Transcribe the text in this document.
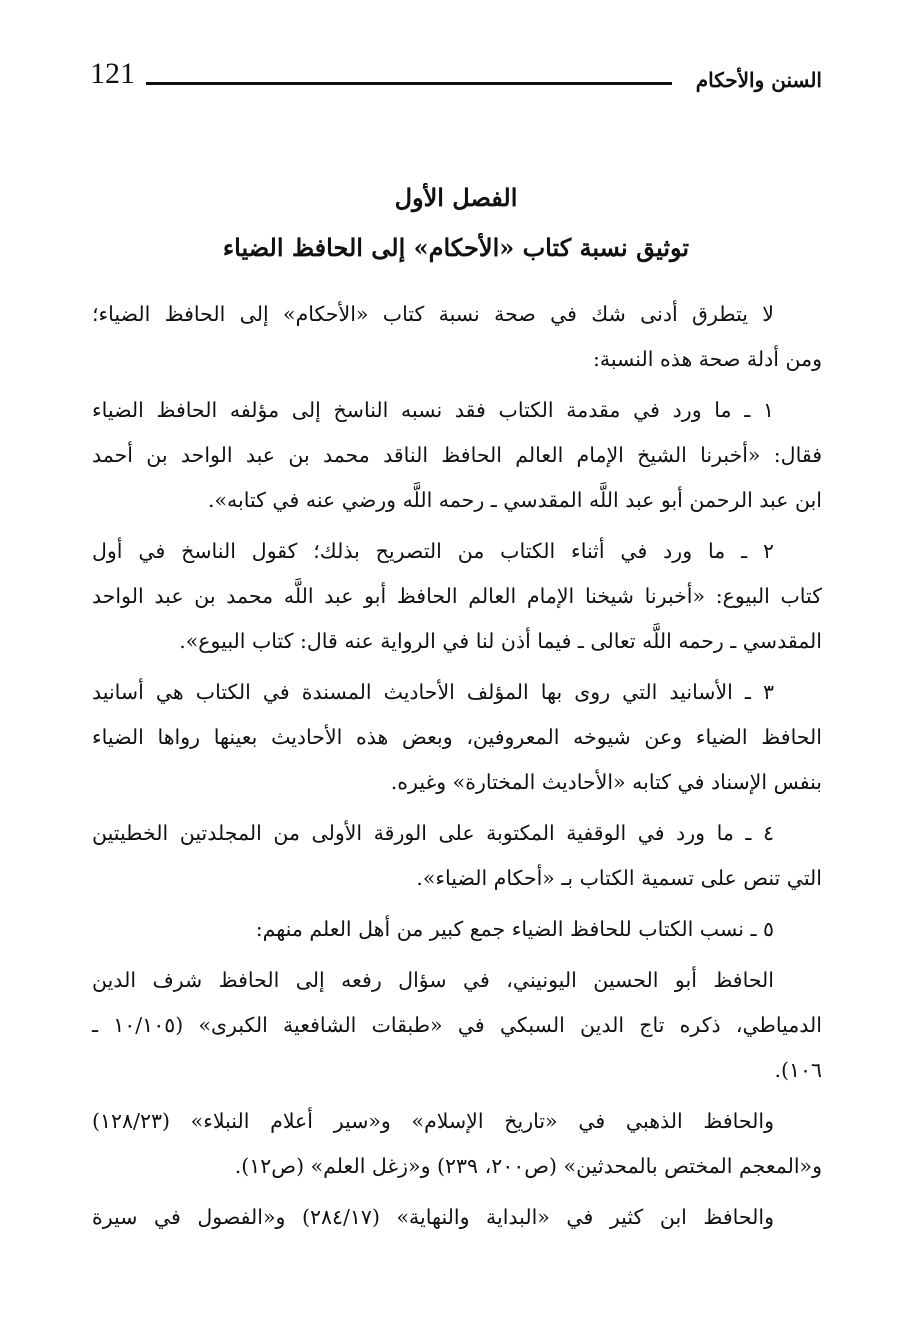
121	السنن والأحكام
الفصل الأول
توثيق نسبة كتاب «الأحكام» إلى الحافظ الضياء
لا يتطرق أدنى شك في صحة نسبة كتاب «الأحكام» إلى الحافظ الضياء؛
ومن أدلة صحة هذه النسبة:
١ ـ ما ورد في مقدمة الكتاب فقد نسبه الناسخ إلى مؤلفه الحافظ الضياء
فقال: «أخبرنا الشيخ الإمام العالم الحافظ الناقد محمد بن عبد الواحد بن أحمد
ابن عبد الرحمن أبو عبد اللَّه المقدسي ـ رحمه اللَّه ورضي عنه في كتابه».
٢ ـ ما ورد في أثناء الكتاب من التصريح بذلك؛ كقول الناسخ في أول
كتاب البيوع: «أخبرنا شيخنا الإمام العالم الحافظ أبو عبد اللَّه محمد بن عبد الواحد
المقدسي ـ رحمه اللَّه تعالى ـ فيما أذن لنا في الرواية عنه قال: كتاب البيوع».
٣ ـ الأسانيد التي روى بها المؤلف الأحاديث المسندة في الكتاب هي أسانيد
الحافظ الضياء وعن شيوخه المعروفين، وبعض هذه الأحاديث بعينها رواها الضياء
بنفس الإسناد في كتابه «الأحاديث المختارة» وغيره.
٤ ـ ما ورد في الوقفية المكتوبة على الورقة الأولى من المجلدتين الخطيتين
التي تنص على تسمية الكتاب بـ «أحكام الضياء».
٥ ـ نسب الكتاب للحافظ الضياء جمع كبير من أهل العلم منهم:
الحافظ أبو الحسين اليونيني، في سؤال رفعه إلى الحافظ شرف الدين
الدمياطي، ذكره تاج الدين السبكي في «طبقات الشافعية الكبرى» (١٠/١٠٥ ـ
١٠٦).
والحافظ الذهبي في «تاريخ الإسلام» و«سير أعلام النبلاء» (١٢٨/٢٣)
و«المعجم المختص بالمحدثين» (ص٢٠٠، ٢٣٩) و«زغل العلم» (ص١٢).
والحافظ ابن كثير في «البداية والنهاية» (٢٨٤/١٧) و«الفصول في سيرة
